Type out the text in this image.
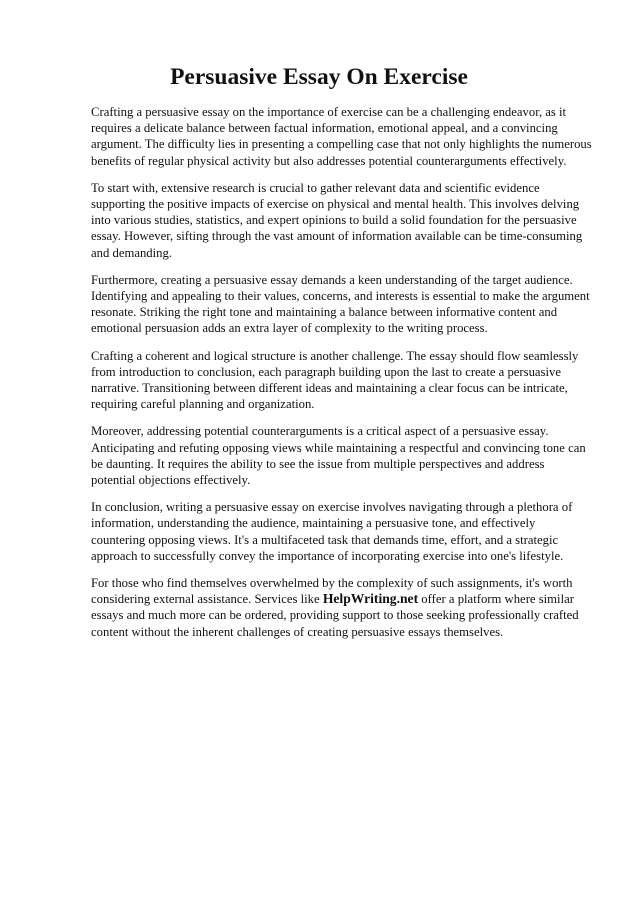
Persuasive Essay On Exercise

Crafting a persuasive essay on the importance of exercise can be a challenging endeavor, as it requires a delicate balance between factual information, emotional appeal, and a convincing argument. The difficulty lies in presenting a compelling case that not only highlights the numerous benefits of regular physical activity but also addresses potential counterarguments effectively.

To start with, extensive research is crucial to gather relevant data and scientific evidence supporting the positive impacts of exercise on physical and mental health. This involves delving into various studies, statistics, and expert opinions to build a solid foundation for the persuasive essay. However, sifting through the vast amount of information available can be time-consuming and demanding.

Furthermore, creating a persuasive essay demands a keen understanding of the target audience. Identifying and appealing to their values, concerns, and interests is essential to make the argument resonate. Striking the right tone and maintaining a balance between informative content and emotional persuasion adds an extra layer of complexity to the writing process.

Crafting a coherent and logical structure is another challenge. The essay should flow seamlessly from introduction to conclusion, each paragraph building upon the last to create a persuasive narrative. Transitioning between different ideas and maintaining a clear focus can be intricate, requiring careful planning and organization.

Moreover, addressing potential counterarguments is a critical aspect of a persuasive essay. Anticipating and refuting opposing views while maintaining a respectful and convincing tone can be daunting. It requires the ability to see the issue from multiple perspectives and address potential objections effectively.

In conclusion, writing a persuasive essay on exercise involves navigating through a plethora of information, understanding the audience, maintaining a persuasive tone, and effectively countering opposing views. It's a multifaceted task that demands time, effort, and a strategic approach to successfully convey the importance of incorporating exercise into one's lifestyle.

For those who find themselves overwhelmed by the complexity of such assignments, it's worth considering external assistance. Services like HelpWriting.net offer a platform where similar essays and much more can be ordered, providing support to those seeking professionally crafted content without the inherent challenges of creating persuasive essays themselves.
